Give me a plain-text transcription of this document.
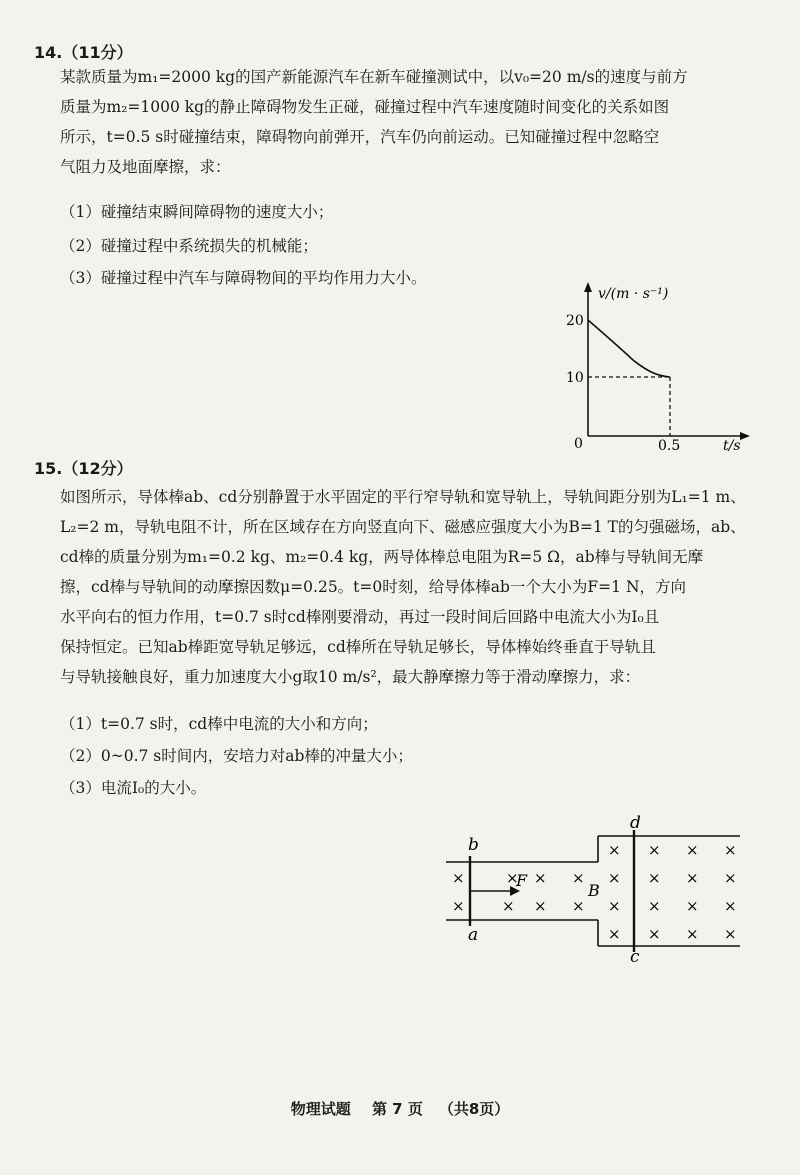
14.（11分）
某款质量为m₁=2000 kg的国产新能源汽车在新车碰撞测试中，以v₀=20 m/s的速度与前方
质量为m₂=1000 kg的静止障碍物发生正碰，碰撞过程中汽车速度随时间变化的关系如图
所示，t=0.5 s时碰撞结束，障碍物向前弹开，汽车仍向前运动。已知碰撞过程中忽略空
气阻力及地面摩擦，求：
（1）碰撞结束瞬间障碍物的速度大小；
（2）碰撞过程中系统损失的机械能；
（3）碰撞过程中汽车与障碍物间的平均作用力大小。
v/(m · s⁻¹)
20
10
0	0.5	t/s
15.（12分）
如图所示，导体棒ab、cd分别静置于水平固定的平行窄导轨和宽导轨上，导轨间距分别为L₁=1 m、
L₂=2 m，导轨电阻不计，所在区域存在方向竖直向下、磁感应强度大小为B=1 T的匀强磁场，ab、
cd棒的质量分别为m₁=0.2 kg、m₂=0.4 kg，两导体棒总电阻为R=5 Ω，ab棒与导轨间无摩
擦，cd棒与导轨间的动摩擦因数μ=0.25。t=0时刻，给导体棒ab一个大小为F=1 N，方向
水平向右的恒力作用，t=0.7 s时cd棒刚要滑动，再过一段时间后回路中电流大小为I₀且
保持恒定。已知ab棒距宽导轨足够远，cd棒所在导轨足够长，导体棒始终垂直于导轨且
与导轨接触良好，重力加速度大小g取10 m/s²，最大静摩擦力等于滑动摩擦力，求：
（1）t=0.7 s时，cd棒中电流的大小和方向；
（2）0~0.7 s时间内，安培力对ab棒的冲量大小；
（3）电流I₀的大小。
b
a
d
c
F
B
×
×
× ×
×
×
×
×
×
×
×
×
×
×
×
×
×
×
×
×
×
×
×
×
物理试题 第 7 页 （共8页）
